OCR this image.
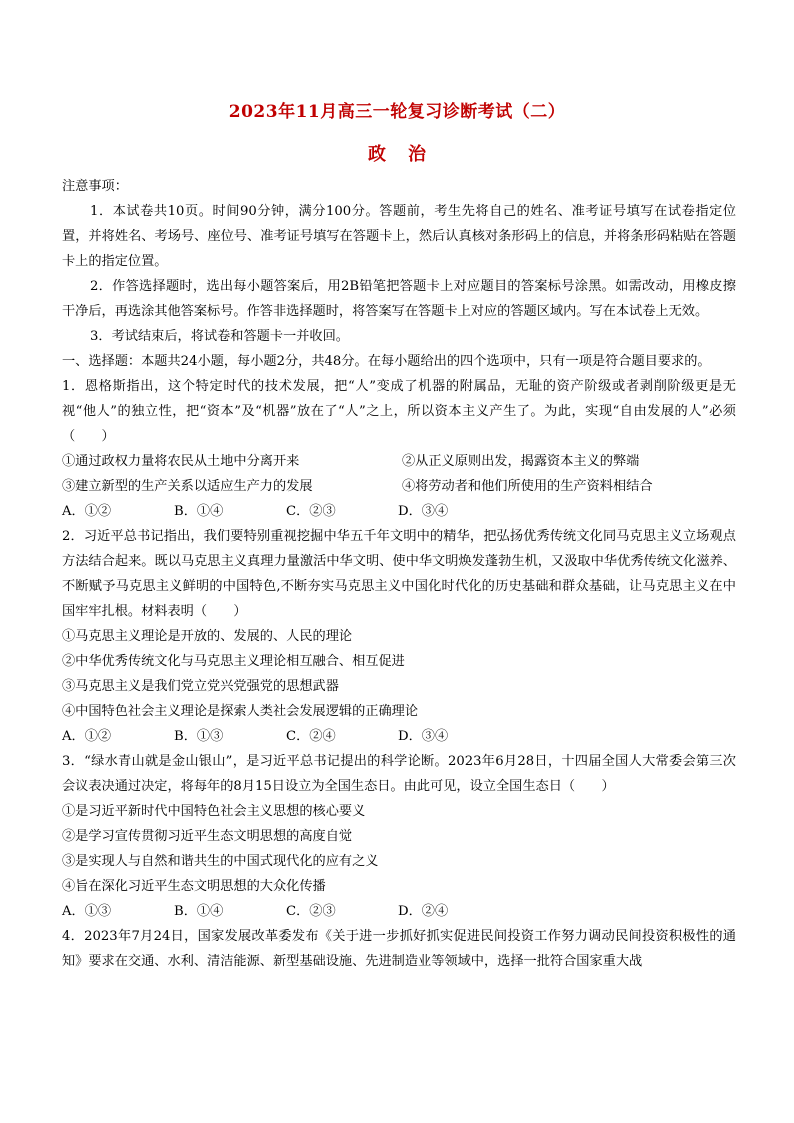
2023年11月高三一轮复习诊断考试（二）
政治

注意事项：

1．本试卷共10页。时间90分钟，满分100分。答题前，考生先将自己的姓名、准考证号填写在试卷指定位置，并将姓名、考场号、座位号、准考证号填写在答题卡上，然后认真核对条形码上的信息，并将条形码粘贴在答题卡上的指定位置。

2．作答选择题时，选出每小题答案后，用2B铅笔把答题卡上对应题目的答案标号涂黑。如需改动，用橡皮擦干净后，再选涂其他答案标号。作答非选择题时，将答案写在答题卡上对应的答题区域内。写在本试卷上无效。

3．考试结束后，将试卷和答题卡一并收回。

一、选择题：本题共24小题，每小题2分，共48分。在每小题给出的四个选项中，只有一项是符合题目要求的。

1．恩格斯指出，这个特定时代的技术发展，把“人”变成了机器的附属品，无耻的资产阶级或者剥削阶级更是无视“他人”的独立性，把“资本”及“机器”放在了“人”之上，所以资本主义产生了。为此，实现“自由发展的人”必须（　　）

①通过政权力量将农民从土地中分离开来	②从正义原则出发，揭露资本主义的弊端
③建立新型的生产关系以适应生产力的发展	④将劳动者和他们所使用的生产资料相结合
A．①②	B．①④	C．②③	D．③④

2．习近平总书记指出，我们要特别重视挖掘中华五千年文明中的精华，把弘扬优秀传统文化同马克思主义立场观点方法结合起来。既以马克思主义真理力量激活中华文明、使中华文明焕发蓬勃生机，又汲取中华优秀传统文化滋养、不断赋予马克思主义鲜明的中国特色,不断夯实马克思主义中国化时代化的历史基础和群众基础，让马克思主义在中国牢牢扎根。材料表明（　　）

①马克思主义理论是开放的、发展的、人民的理论

②中华优秀传统文化与马克思主义理论相互融合、相互促进

③马克思主义是我们党立党兴党强党的思想武器

④中国特色社会主义理论是探索人类社会发展逻辑的正确理论

A．①②	B．①③	C．②④	D．③④

3．“绿水青山就是金山银山”，是习近平总书记提出的科学论断。2023年6月28日，十四届全国人大常委会第三次会议表决通过决定，将每年的8月15日设立为全国生态日。由此可见，设立全国生态日（　　）

①是习近平新时代中国特色社会主义思想的核心要义

②是学习宣传贯彻习近平生态文明思想的高度自觉

③是实现人与自然和谐共生的中国式现代化的应有之义

④旨在深化习近平生态文明思想的大众化传播

A．①③	B．①④	C．②③	D．②④

4．2023年7月24日，国家发展改革委发布《关于进一步抓好抓实促进民间投资工作努力调动民间投资积极性的通知》要求在交通、水利、清洁能源、新型基础设施、先进制造业等领域中，选择一批符合国家重大战
